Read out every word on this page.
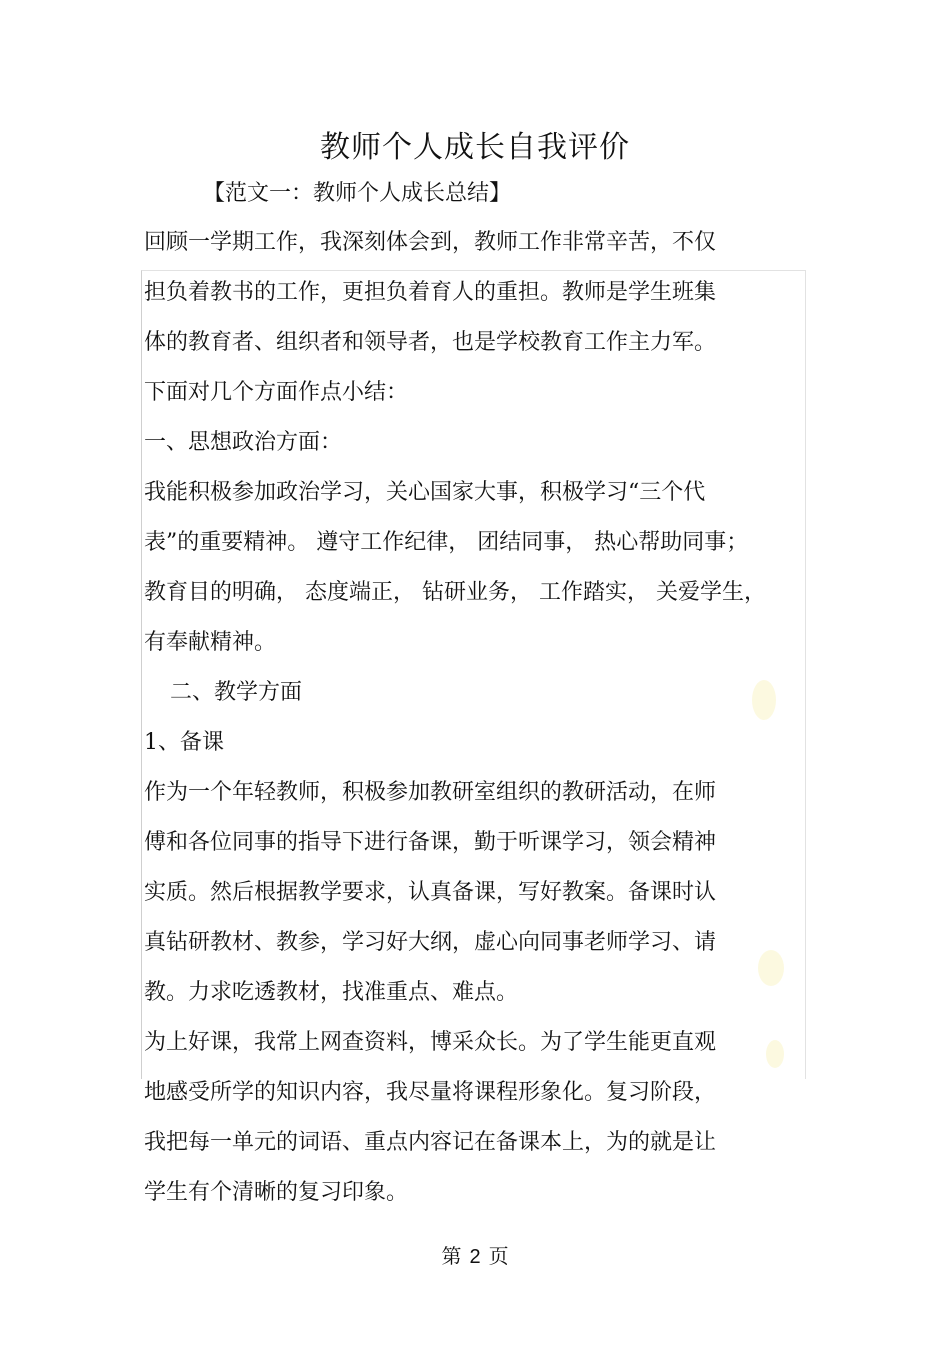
教师个人成长自我评价
【范文一：教师个人成长总结】
回顾一学期工作，我深刻体会到，教师工作非常辛苦，不仅
担负着教书的工作，更担负着育人的重担。教师是学生班集
体的教育者、组织者和领导者，也是学校教育工作主力军。
下面对几个方面作点小结：
一、思想政治方面：
我能积极参加政治学习，关心国家大事，积极学习“三个代
表”的重要精神。 遵守工作纪律， 团结同事， 热心帮助同事；
教育目的明确， 态度端正， 钻研业务， 工作踏实， 关爱学生，
有奉献精神。
二、教学方面
1、备课
作为一个年轻教师，积极参加教研室组织的教研活动，在师
傅和各位同事的指导下进行备课，勤于听课学习，领会精神
实质。然后根据教学要求，认真备课，写好教案。备课时认
真钻研教材、教参，学习好大纲，虚心向同事老师学习、请
教。力求吃透教材，找准重点、难点。
为上好课，我常上网查资料，博采众长。为了学生能更直观
地感受所学的知识内容，我尽量将课程形象化。复习阶段，
我把每一单元的词语、重点内容记在备课本上，为的就是让
学生有个清晰的复习印象。
第 2 页
